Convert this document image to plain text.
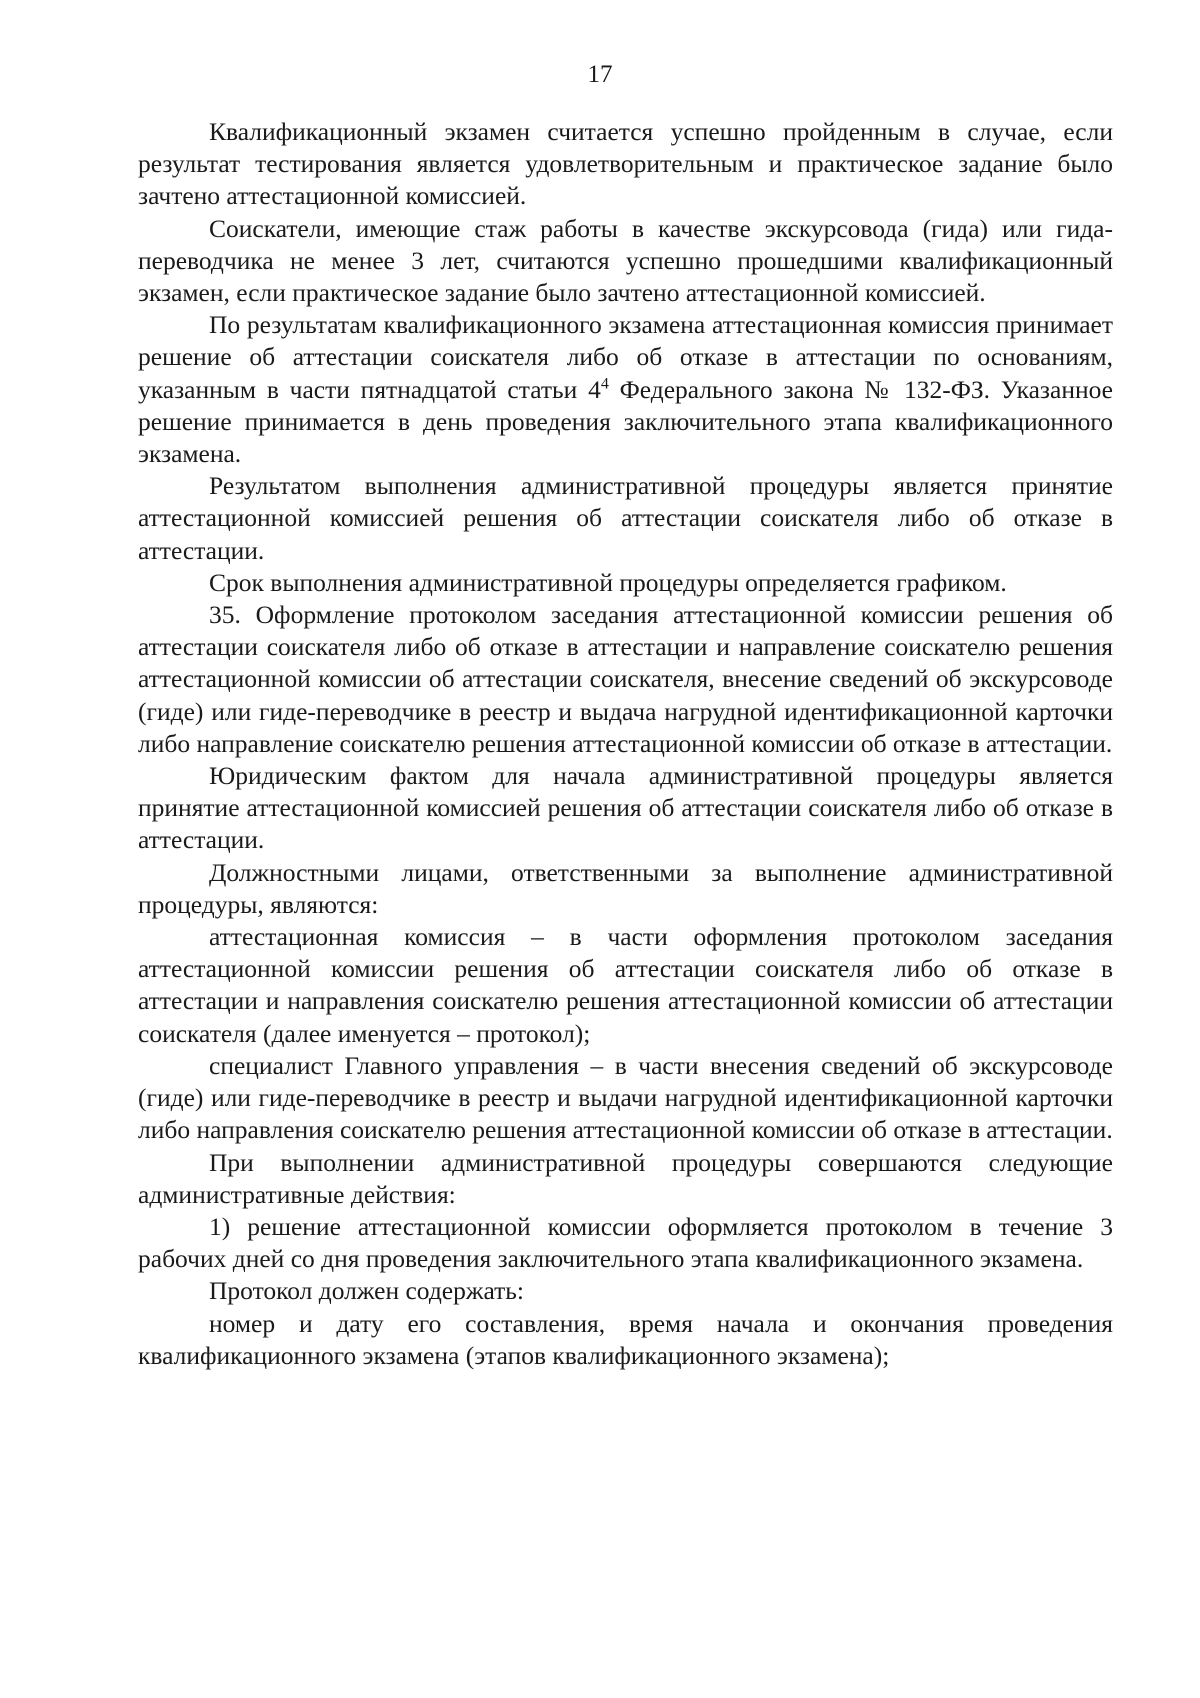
17

Квалификационный экзамен считается успешно пройденным в случае, если результат тестирования является удовлетворительным и практическое задание было зачтено аттестационной комиссией.

Соискатели, имеющие стаж работы в качестве экскурсовода (гида) или гида-переводчика не менее 3 лет, считаются успешно прошедшими квалификационный экзамен, если практическое задание было зачтено аттестационной комиссией.

По результатам квалификационного экзамена аттестационная комиссия принимает решение об аттестации соискателя либо об отказе в аттестации по основаниям, указанным в части пятнадцатой статьи $4^4$ Федерального закона № 132-ФЗ. Указанное решение принимается в день проведения заключительного этапа квалификационного экзамена.

Результатом выполнения административной процедуры является принятие аттестационной комиссией решения об аттестации соискателя либо об отказе в аттестации.

Срок выполнения административной процедуры определяется графиком.

35. Оформление протоколом заседания аттестационной комиссии решения об аттестации соискателя либо об отказе в аттестации и направление соискателю решения аттестационной комиссии об аттестации соискателя, внесение сведений об экскурсоводе (гиде) или гиде-переводчике в реестр и выдача нагрудной идентификационной карточки либо направление соискателю решения аттестационной комиссии об отказе в аттестации.

Юридическим фактом для начала административной процедуры является принятие аттестационной комиссией решения об аттестации соискателя либо об отказе в аттестации.

Должностными лицами, ответственными за выполнение административной процедуры, являются:

аттестационная комиссия – в части оформления протоколом заседания аттестационной комиссии решения об аттестации соискателя либо об отказе в аттестации и направления соискателю решения аттестационной комиссии об аттестации соискателя (далее именуется – протокол);

специалист Главного управления – в части внесения сведений об экскурсоводе (гиде) или гиде-переводчике в реестр и выдачи нагрудной идентификационной карточки либо направления соискателю решения аттестационной комиссии об отказе в аттестации.

При выполнении административной процедуры совершаются следующие административные действия:

1) решение аттестационной комиссии оформляется протоколом в течение 3 рабочих дней со дня проведения заключительного этапа квалификационного экзамена.

Протокол должен содержать:

номер и дату его составления, время начала и окончания проведения квалификационного экзамена (этапов квалификационного экзамена);
